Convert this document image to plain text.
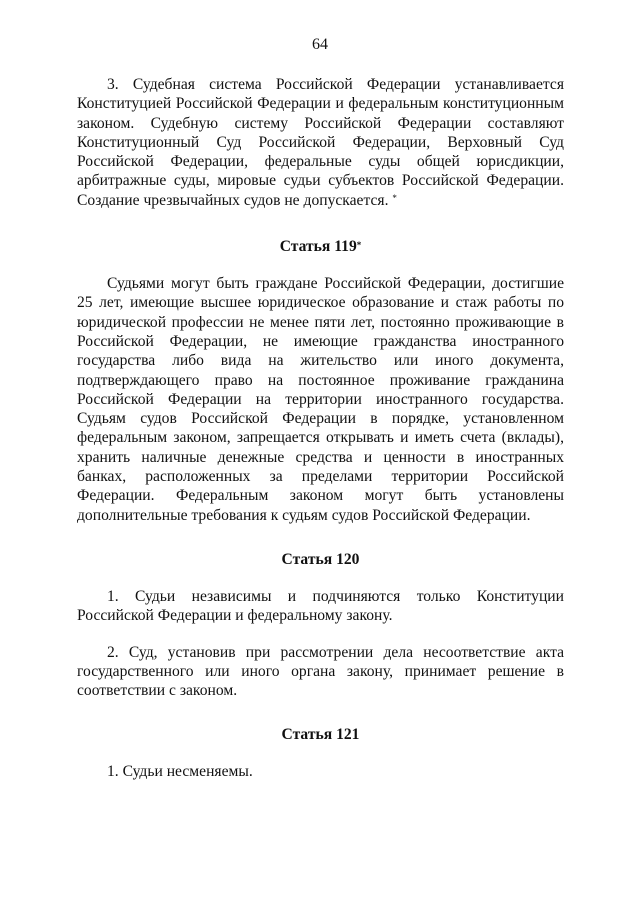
64

3. Судебная система Российской Федерации устанавливается Конституцией Российской Федерации и федеральным конституционным законом. Судебную систему Российской Федерации составляют Конституционный Суд Российской Федерации, Верховный Суд Российской Федерации, федеральные суды общей юрисдикции, арбитражные суды, мировые судьи субъектов Российской Федерации. Создание чрезвычайных судов не допускается. *

Статья 119*

Судьями могут быть граждане Российской Федерации, достигшие 25 лет, имеющие высшее юридическое образование и стаж работы по юридической профессии не менее пяти лет, постоянно проживающие в Российской Федерации, не имеющие гражданства иностранного государства либо вида на жительство или иного документа, подтверждающего право на постоянное проживание гражданина Российской Федерации на территории иностранного государства. Судьям судов Российской Федерации в порядке, установленном федеральным законом, запрещается открывать и иметь счета (вклады), хранить наличные денежные средства и ценности в иностранных банках, расположенных за пределами территории Российской Федерации. Федеральным законом могут быть установлены дополнительные требования к судьям судов Российской Федерации.

Статья 120

1. Судьи независимы и подчиняются только Конституции Российской Федерации и федеральному закону.

2. Суд, установив при рассмотрении дела несоответствие акта государственного или иного органа закону, принимает решение в соответствии с законом.

Статья 121

1. Судьи несменяемы.
